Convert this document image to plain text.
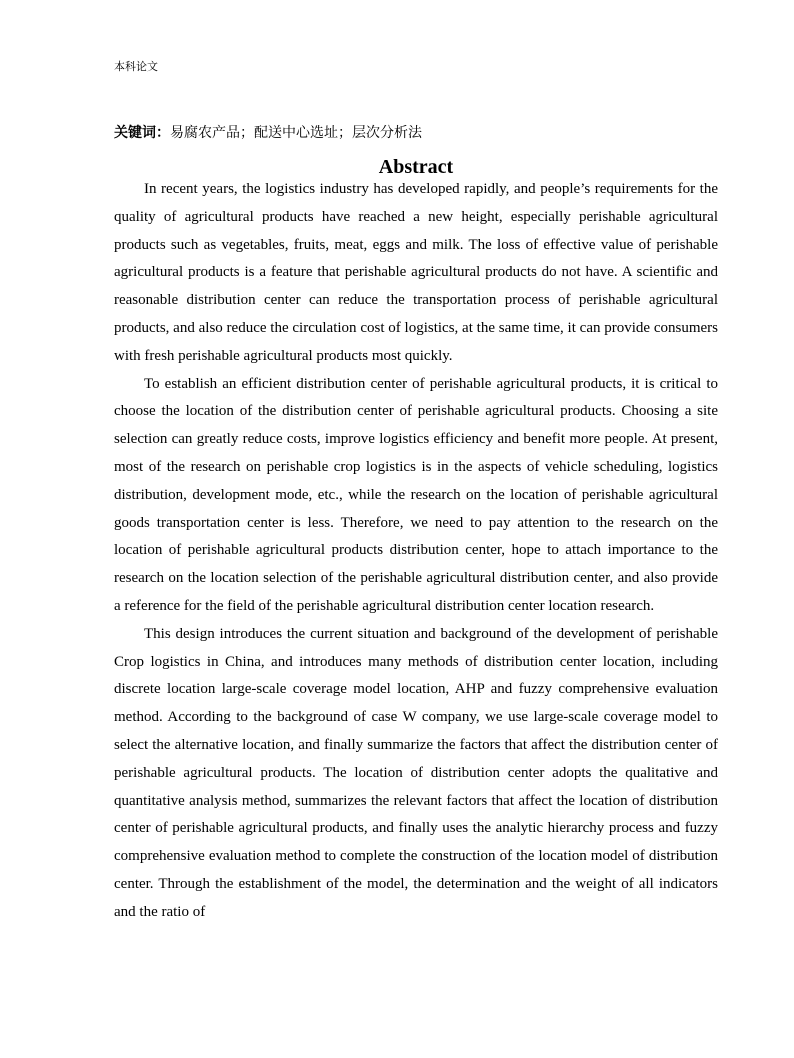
本科论文
关键词：易腐农产品；配送中心选址；层次分析法
Abstract

In recent years, the logistics industry has developed rapidly, and people’s requirements for the quality of agricultural products have reached a new height, especially perishable agricultural products such as vegetables, fruits, meat, eggs and milk. The loss of effective value of perishable agricultural products is a feature that perishable agricultural products do not have. A scientific and reasonable distribution center can reduce the transportation process of perishable agricultural products, and also reduce the circulation cost of logistics, at the same time, it can provide consumers with fresh perishable agricultural products most quickly.

To establish an efficient distribution center of perishable agricultural products, it is critical to choose the location of the distribution center of perishable agricultural products. Choosing a site selection can greatly reduce costs, improve logistics efficiency and benefit more people. At present, most of the research on perishable crop logistics is in the aspects of vehicle scheduling, logistics distribution, development mode, etc., while the research on the location of perishable agricultural goods transportation center is less. Therefore, we need to pay attention to the research on the location of perishable agricultural products distribution center, hope to attach importance to the research on the location selection of the perishable agricultural distribution center, and also provide a reference for the field of the perishable agricultural distribution center location research.

This design introduces the current situation and background of the development of perishable Crop logistics in China, and introduces many methods of distribution center location, including discrete location large-scale coverage model location, AHP and fuzzy comprehensive evaluation method. According to the background of case W company, we use large-scale coverage model to select the alternative location, and finally summarize the factors that affect the distribution center of perishable agricultural products. The location of distribution center adopts the qualitative and quantitative analysis method, summarizes the relevant factors that affect the location of distribution center of perishable agricultural products, and finally uses the analytic hierarchy process and fuzzy comprehensive evaluation method to complete the construction of the location model of distribution center. Through the establishment of the model, the determination and the weight of all indicators and the ratio of
